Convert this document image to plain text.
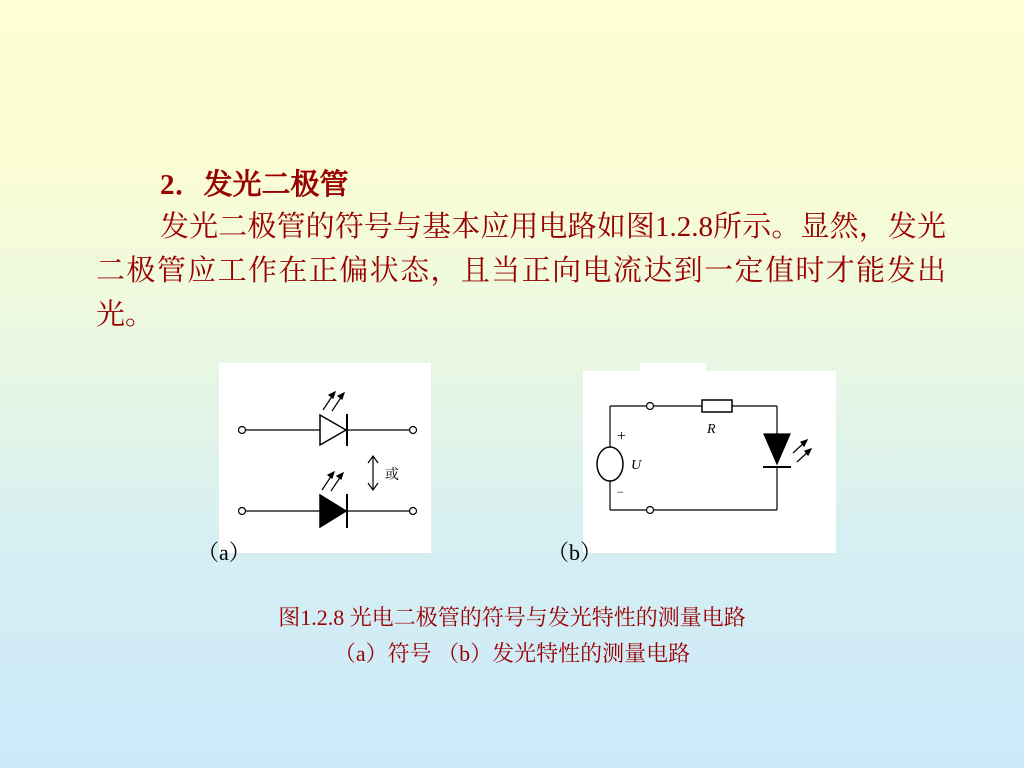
2．发光二极管

发光二极管的符号与基本应用电路如图1.2.8所示。显然，发光二极管应工作在正偏状态，且当正向电流达到一定值时才能发出光。

或
R
+
U
−
（a）	（b）

图1.2.8 光电二极管的符号与发光特性的测量电路

（a）符号 （b）发光特性的测量电路
